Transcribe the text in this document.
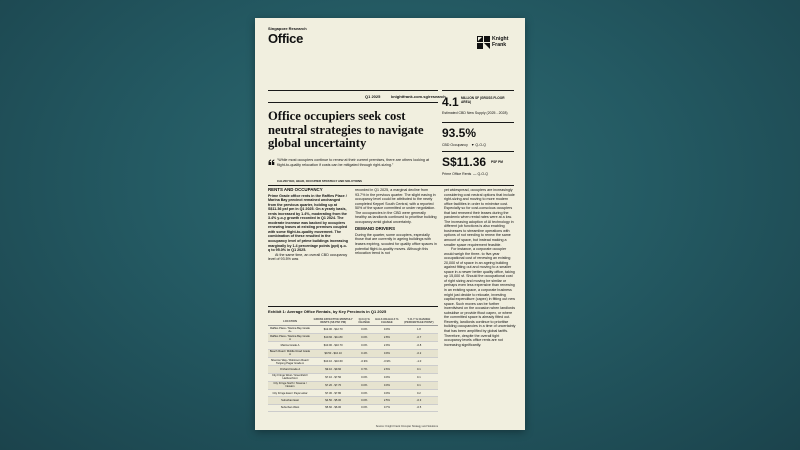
Singapore Research
Office	Knight
Frank
Q1 2025	knightfrank.com.sg/research
Office occupiers seek cost neutral strategies to navigate global uncertainty
“While most occupiers continue to renew at their current premises, there are others looking at flight-to-quality relocation if costs can be mitigated through right-sizing.”
CALVIN YEO, HEAD, OCCUPIER STRATEGY AND SOLUTIONS
4.1 MILLION SF (GROSS FLOOR AREA)
Estimated CBD New Supply (2025 - 2028)
93.5%
CBD Occupancy ▼ Q-O-Q
S$11.36 PSF PM
Prime Office Rents — Q-O-Q
RENTS AND OCCUPANCY

Prime Grade office rents in the Raffles Place / Marina Bay precinct remained unchanged from the previous quarter, holding up at S$11.36 psf pm in Q1 2025. On a yearly basis, rents increased by 1.4%, moderating from the 3.4% y-o-y growth recorded in Q1 2024. The moderate increase was backed by occupiers renewing leases at existing premises coupled with some flight-to-quality movement. The combination of these resulted in the occupancy level of prime buildings increasing marginally by 1.4 percentage points (ppt) q-o-q to 95.0% in Q1 2025.

At the same time, an overall CBD occupancy level of 93.5% was

recorded in Q1 2025, a marginal decline from 93.7% in the previous quarter. The slight easing in occupancy level could be attributed to the newly completed Keppel South Central, with a reported 50% of the space committed or under negotiation. The occupancies in the CBD were generally healthy as landlords continued to prioritise building occupancy amid global uncertainty.

DEMAND DRIVERS

During the quarter, some occupiers, especially those that are currently in ageing buildings with leases expiring, scouted for quality office spaces in potential flight-to-quality moves. Although this relocation trend is not

yet widespread, occupiers are increasingly considering cost neutral options that include right-sizing and moving to more modern office facilities in order to minimise cost. Especially so for cost-conscious occupiers that last renewed their leases during the pandemic when rental rates were at a low. The increasing adoption of AI technology in different job functions is also enabling businesses to streamline operations with options of not needing to renew the same amount of space, but instead making a smaller space requirement feasible.

For instance, a corporate occupier would weigh the three- to five-year occupational cost of renewing an existing 20,000 sf of space in an ageing building against fitting out and moving to a smaller space in a newer better quality office, taking up 15,000 sf. Should the occupational cost of right sizing and moving be similar or perhaps even less expensive than renewing in an existing space, a corporate business might just decide to relocate, investing capital expenditure (capex) in fitting out new space. Such moves can be further incentivised on the occasion when landlords subsidise or provide fitout capex, or where the committed space is already fitted out. Recently, landlords continue to prioritise building occupancies in a time of uncertainty that has been amplified by global tariffs. Therefore, despite the overall tight occupancy levels office rents are not increasing significantly.

Exhibit 1: Average Office Rentals, by Key Precincts in Q1 2025
LOCATION	GROSS EFFECTIVE MONTHLY RENTS (S$ PSF PM)	Q-O-Q % CHANGE	HALF-ON-HALF % CHANGE	Y-O-Y % CHANGE (PERCENTAGE POINT)
Raffles Place / Marina Bay Grade A+	$12.00 - $12.70	0.0%	0.0%	1.8
Raffles Place / Marina Bay Grade A	$10.60 - $11.80	0.0%	2.8%	-0.7
Marina Grade A	$10.00 - $10.70	0.0%	2.9%	-0.8
Beach Road / Middle Road Grade A	$9.50 - $10.10	0.4%	0.9%	-0.2
Shenton Way / Robinson Road / Tanjong Pagar Grade A	$10.10 - $10.60	-0.9%	-0.9%	-1.0
Orchard Grade A	$9.10 - $9.60	0.7%	2.6%	0.1
City Fringe West / Greenfield / Harbourfront	$7.10 - $7.50	0.0%	0.0%	0.1
City Fringe North / Novena / Newton	$7.20 - $7.70	0.0%	0.0%	0.1
City Fringe East / Paya Lebar	$7.30 - $7.80	0.0%	0.0%	0.2
Suburban East	$4.50 - $5.00	0.0%	2.5%	-0.3
Suburban West	$5.60 - $6.00	0.0%	0.7%	-0.5
Source: Knight Frank Occupier Strategy and Solutions
